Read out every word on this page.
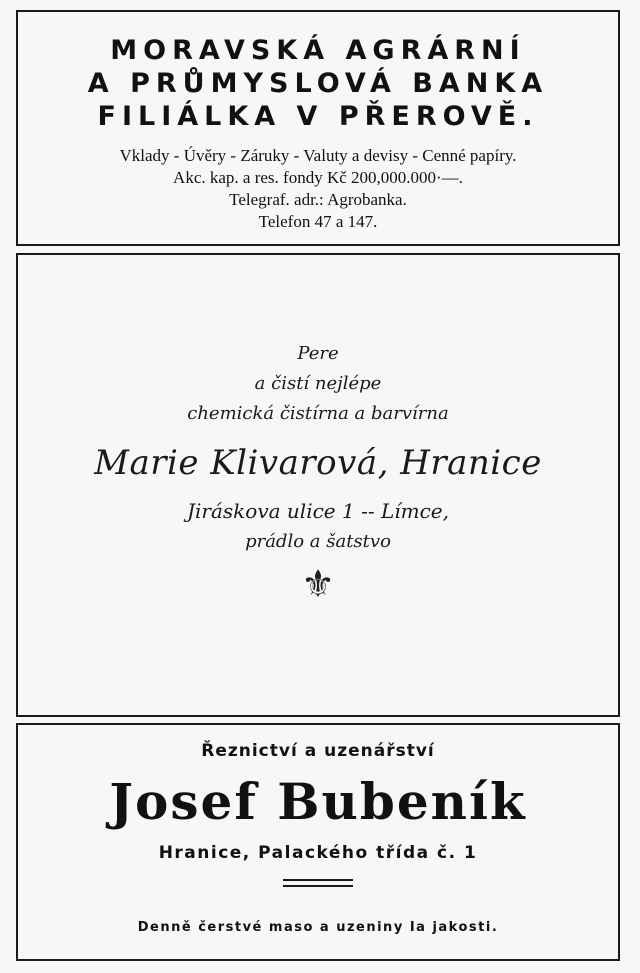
MORAVSKÁ AGRÁRNÍ

A PRŮMYSLOVÁ BANKA

FILIÁLKA V PŘEROVĚ.

Vklady - Úvěry - Záruky - Valuty a devisy - Cenné papíry.
Akc. kap. a res. fondy Kč 200,000.000·—.
Telegraf. adr.: Agrobanka.
Telefon 47 a 147.
Pere
a čistí nejlépe
chemická čistírna a barvírna
Marie Klivarová, Hranice
Jiráskova ulice 1 -- Límce,
prádlo a šatstvo
⚜
Řeznictví a uzenářství
Josef Bubeník
Hranice, Palackého třída č. 1
Denně čerstvé maso a uzeniny Ia jakosti.
